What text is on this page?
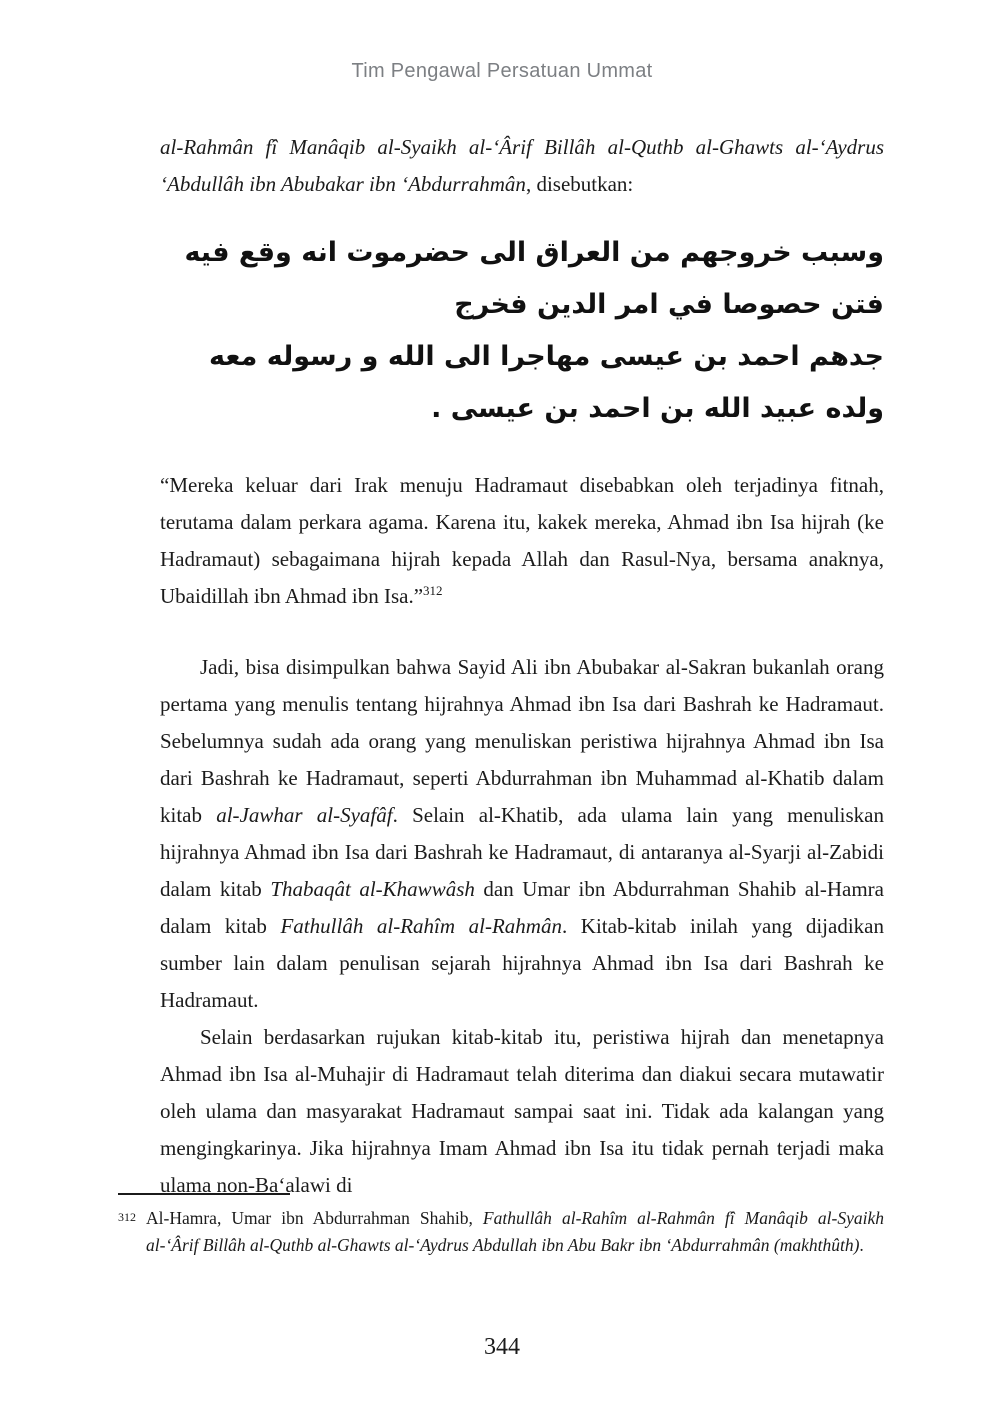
Tim Pengawal Persatuan Ummat

al-Rahmân fî Manâqib al-Syaikh al-‘Ârif Billâh al-Quthb al-Ghawts al-‘Aydrus ‘Abdullâh ibn Abubakar ibn ‘Abdurrahmân, disebutkan:

وسبب خروجهم من العراق الى حضرموت انه وقع فيه فتن حصوصا في امر الدين فخرج
جدهم احمد بن عيسى مهاجرا الى الله و رسوله معه ولده عبيد الله بن احمد بن عيسى .

“Mereka keluar dari Irak menuju Hadramaut disebabkan oleh terjadinya fitnah, terutama dalam perkara agama. Karena itu, kakek mereka, Ahmad ibn Isa hijrah (ke Hadramaut) sebagaimana hijrah kepada Allah dan Rasul-Nya, bersama anaknya, Ubaidillah ibn Ahmad ibn Isa.”$^{312}$

Jadi, bisa disimpulkan bahwa Sayid Ali ibn Abubakar al-Sakran bukanlah orang pertama yang menulis tentang hijrahnya Ahmad ibn Isa dari Bashrah ke Hadramaut. Sebelumnya sudah ada orang yang menuliskan peristiwa hijrahnya Ahmad ibn Isa dari Bashrah ke Hadramaut, seperti Abdurrahman ibn Muhammad al-Khatib dalam kitab al-Jawhar al-Syafâf. Selain al-Khatib, ada ulama lain yang menuliskan hijrahnya Ahmad ibn Isa dari Bashrah ke Hadramaut, di antaranya al-Syarji al-Zabidi dalam kitab Thabaqât al-Khawwâsh dan Umar ibn Abdurrahman Shahib al-Hamra dalam kitab Fathullâh al-Rahîm al-Rahmân. Kitab-kitab inilah yang dijadikan sumber lain dalam penulisan sejarah hijrahnya Ahmad ibn Isa dari Bashrah ke Hadramaut.

Selain berdasarkan rujukan kitab-kitab itu, peristiwa hijrah dan menetapnya Ahmad ibn Isa al-Muhajir di Hadramaut telah diterima dan diakui secara mutawatir oleh ulama dan masyarakat Hadramaut sampai saat ini. Tidak ada kalangan yang mengingkarinya. Jika hijrahnya Imam Ahmad ibn Isa itu tidak pernah terjadi maka ulama non-Ba‘alawi di

312 Al-Hamra, Umar ibn Abdurrahman Shahib, Fathullâh al-Rahîm al-Rahmân fî Manâqib al-Syaikh al-‘Ârif Billâh al-Quthb al-Ghawts al-‘Aydrus Abdullah ibn Abu Bakr ibn ‘Abdurrahmân (makhthûth).
344
